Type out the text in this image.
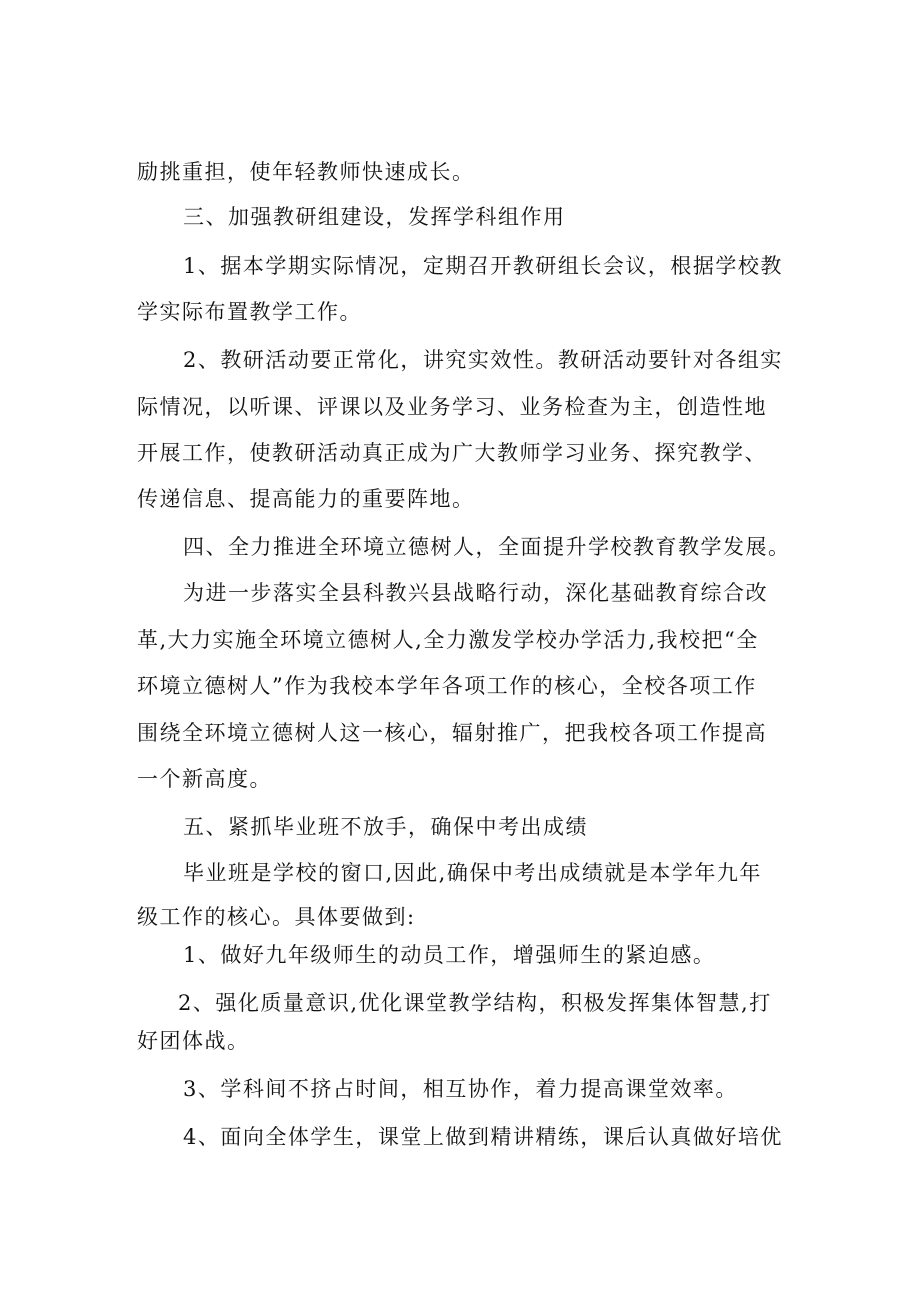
励挑重担，使年轻教师快速成长。
三、加强教研组建设，发挥学科组作用
1、据本学期实际情况，定期召开教研组长会议，根据学校教
学实际布置教学工作。
2、教研活动要正常化，讲究实效性。教研活动要针对各组实
际情况，以听课、评课以及业务学习、业务检查为主，创造性地
开展工作，使教研活动真正成为广大教师学习业务、探究教学、
传递信息、提高能力的重要阵地。
四、全力推进全环境立德树人，全面提升学校教育教学发展。
为进一步落实全县科教兴县战略行动，深化基础教育综合改
革,大力实施全环境立德树人,全力激发学校办学活力,我校把“全
环境立德树人”作为我校本学年各项工作的核心，全校各项工作
围绕全环境立德树人这一核心，辐射推广，把我校各项工作提高
一个新高度。
五、紧抓毕业班不放手，确保中考出成绩
毕业班是学校的窗口,因此,确保中考出成绩就是本学年九年
级工作的核心。具体要做到:
1、做好九年级师生的动员工作，增强师生的紧迫感。
2、强化质量意识,优化课堂教学结构，积极发挥集体智慧,打
好团体战。
3、学科间不挤占时间，相互协作，着力提高课堂效率。
4、面向全体学生，课堂上做到精讲精练，课后认真做好培优
